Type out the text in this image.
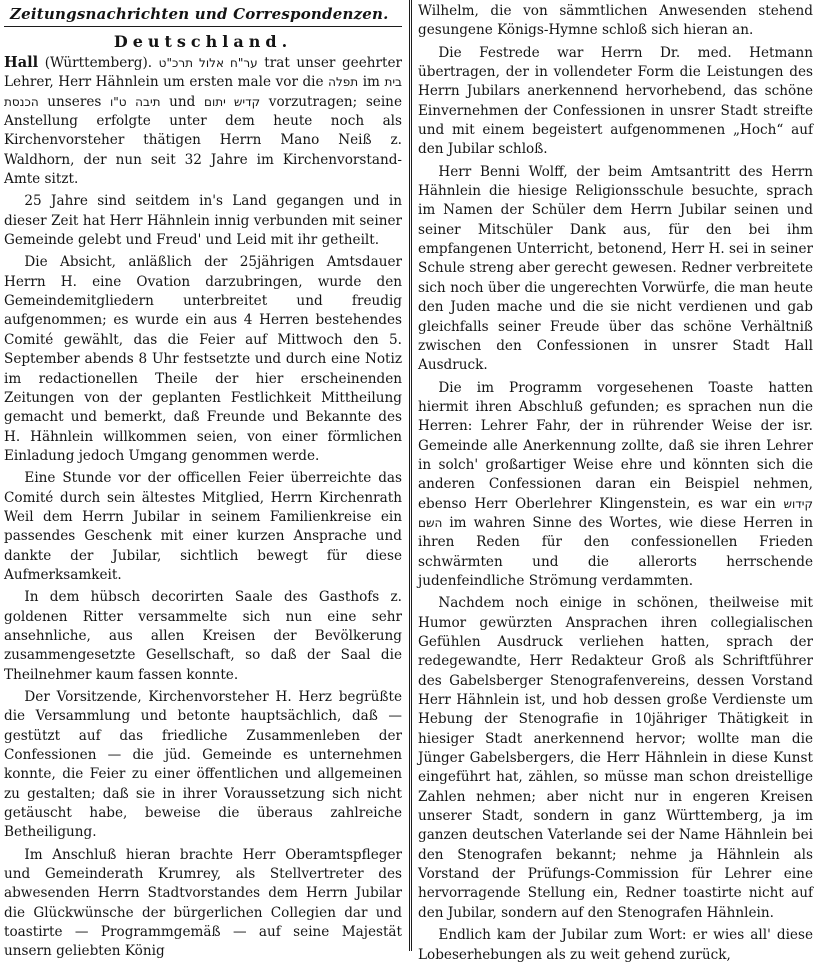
Zeitungsnachrichten und Correspondenzen.
Deutschland.

Hall (Württemberg). ער"ח אלול תרכ"ט trat unser geehrter Lehrer, Herr Hähnlein um ersten male vor die תפלה im בית הכנסת unseres ט"ו תיבה und קדיש יתום vorzutragen; seine Anstellung erfolgte unter dem heute noch als Kirchenvorsteher thätigen Herrn Mano Neiß z. Waldhorn, der nun seit 32 Jahre im Kirchenvorstand-Amte sitzt.

25 Jahre sind seitdem in's Land gegangen und in dieser Zeit hat Herr Hähnlein innig verbunden mit seiner Gemeinde gelebt und Freud' und Leid mit ihr getheilt.

Die Absicht, anläßlich der 25jährigen Amtsdauer Herrn H. eine Ovation darzubringen, wurde den Gemeindemitgliedern unterbreitet und freudig aufgenommen; es wurde ein aus 4 Herren bestehendes Comité gewählt, das die Feier auf Mittwoch den 5. September abends 8 Uhr festsetzte und durch eine Notiz im redactionellen Theile der hier erscheinenden Zeitungen von der geplanten Festlichkeit Mittheilung gemacht und bemerkt, daß Freunde und Bekannte des H. Hähnlein willkommen seien, von einer förmlichen Einladung jedoch Umgang genommen werde.

Eine Stunde vor der officellen Feier überreichte das Comité durch sein ältestes Mitglied, Herrn Kirchenrath Weil dem Herrn Jubilar in seinem Familienkreise ein passendes Geschenk mit einer kurzen Ansprache und dankte der Jubilar, sichtlich bewegt für diese Aufmerksamkeit.

In dem hübsch decorirten Saale des Gasthofs z. goldenen Ritter versammelte sich nun eine sehr ansehnliche, aus allen Kreisen der Bevölkerung zusammengesetzte Gesellschaft, so daß der Saal die Theilnehmer kaum fassen konnte.

Der Vorsitzende, Kirchenvorsteher H. Herz begrüßte die Versammlung und betonte hauptsächlich, daß — gestützt auf das friedliche Zusammenleben der Confessionen — die jüd. Gemeinde es unternehmen konnte, die Feier zu einer öffentlichen und allgemeinen zu gestalten; daß sie in ihrer Voraussetzung sich nicht getäuscht habe, beweise die überaus zahlreiche Betheiligung.

Im Anschluß hieran brachte Herr Oberamtspfleger und Gemeinderath Krumrey, als Stellvertreter des abwesenden Herrn Stadtvorstandes dem Herrn Jubilar die Glückwünsche der bürgerlichen Collegien dar und toastirte — Programmgemäß — auf seine Majestät unsern geliebten König

Wilhelm, die von sämmtlichen Anwesenden stehend gesungene Königs-Hymne schloß sich hieran an.

Die Festrede war Herrn Dr. med. Hetmann übertragen, der in vollendeter Form die Leistungen des Herrn Jubilars anerkennend hervorhebend, das schöne Einvernehmen der Confessionen in unsrer Stadt streifte und mit einem begeistert aufgenommenen „Hoch“ auf den Jubilar schloß.

Herr Benni Wolff, der beim Amtsantritt des Herrn Hähnlein die hiesige Religionsschule besuchte, sprach im Namen der Schüler dem Herrn Jubilar seinen und seiner Mitschüler Dank aus, für den bei ihm empfangenen Unterricht, betonend, Herr H. sei in seiner Schule streng aber gerecht gewesen. Redner verbreitete sich noch über die ungerechten Vorwürfe, die man heute den Juden mache und die sie nicht verdienen und gab gleichfalls seiner Freude über das schöne Verhältniß zwischen den Confessionen in unsrer Stadt Hall Ausdruck.

Die im Programm vorgesehenen Toaste hatten hiermit ihren Abschluß gefunden; es sprachen nun die Herren: Lehrer Fahr, der in rührender Weise der isr. Gemeinde alle Anerkennung zollte, daß sie ihren Lehrer in solch' großartiger Weise ehre und könnten sich die anderen Confessionen daran ein Beispiel nehmen, ebenso Herr Oberlehrer Klingenstein, es war ein קידוש השם im wahren Sinne des Wortes, wie diese Herren in ihren Reden für den confessionellen Frieden schwärmten und die allerorts herrschende judenfeindliche Strömung verdammten.

Nachdem noch einige in schönen, theilweise mit Humor gewürzten Ansprachen ihren collegialischen Gefühlen Ausdruck verliehen hatten, sprach der redegewandte, Herr Redakteur Groß als Schriftführer des Gabelsberger Stenografenvereins, dessen Vorstand Herr Hähnlein ist, und hob dessen große Verdienste um Hebung der Stenografie in 10jähriger Thätigkeit in hiesiger Stadt anerkennend hervor; wollte man die Jünger Gabelsbergers, die Herr Hähnlein in diese Kunst eingeführt hat, zählen, so müsse man schon dreistellige Zahlen nehmen; aber nicht nur in engeren Kreisen unserer Stadt, sondern in ganz Württemberg, ja im ganzen deutschen Vaterlande sei der Name Hähnlein bei den Stenografen bekannt; nehme ja Hähnlein als Vorstand der Prüfungs-Commission für Lehrer eine hervorragende Stellung ein, Redner toastirte nicht auf den Jubilar, sondern auf den Stenografen Hähnlein.

Endlich kam der Jubilar zum Wort: er wies all' diese Lobeserhebungen als zu weit gehend zurück,
